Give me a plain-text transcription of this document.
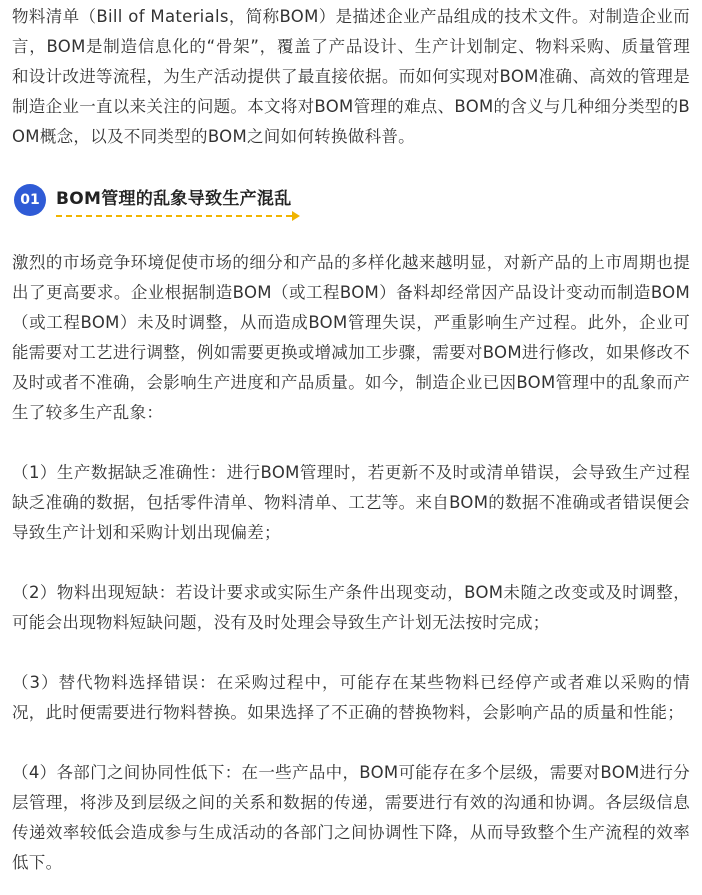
物料清单（Bill of Materials，简称BOM）是描述企业产品组成的技术文件。对制造企业而言，BOM是制造信息化的“骨架”，覆盖了产品设计、生产计划制定、物料采购、质量管理和设计改进等流程，为生产活动提供了最直接依据。而如何实现对BOM准确、高效的管理是制造企业一直以来关注的问题。本文将对BOM管理的难点、BOM的含义与几种细分类型的BOM概念，以及不同类型的BOM之间如何转换做科普。

01 BOM管理的乱象导致生产混乱

激烈的市场竞争环境促使市场的细分和产品的多样化越来越明显，对新产品的上市周期也提出了更高要求。企业根据制造BOM（或工程BOM）备料却经常因产品设计变动而制造BOM（或工程BOM）未及时调整，从而造成BOM管理失误，严重影响生产过程。此外，企业可能需要对工艺进行调整，例如需要更换或增减加工步骤，需要对BOM进行修改，如果修改不及时或者不准确，会影响生产进度和产品质量。如今，制造企业已因BOM管理中的乱象而产生了较多生产乱象：

（1）生产数据缺乏准确性：进行BOM管理时，若更新不及时或清单错误，会导致生产过程缺乏准确的数据，包括零件清单、物料清单、工艺等。来自BOM的数据不准确或者错误便会导致生产计划和采购计划出现偏差；

（2）物料出现短缺：若设计要求或实际生产条件出现变动，BOM未随之改变或及时调整，可能会出现物料短缺问题，没有及时处理会导致生产计划无法按时完成；

（3）替代物料选择错误：在采购过程中，可能存在某些物料已经停产或者难以采购的情况，此时便需要进行物料替换。如果选择了不正确的替换物料，会影响产品的质量和性能；

（4）各部门之间协同性低下：在一些产品中，BOM可能存在多个层级，需要对BOM进行分层管理，将涉及到层级之间的关系和数据的传递，需要进行有效的沟通和协调。各层级信息传递效率较低会造成参与生成活动的各部门之间协调性下降，从而导致整个生产流程的效率低下。
